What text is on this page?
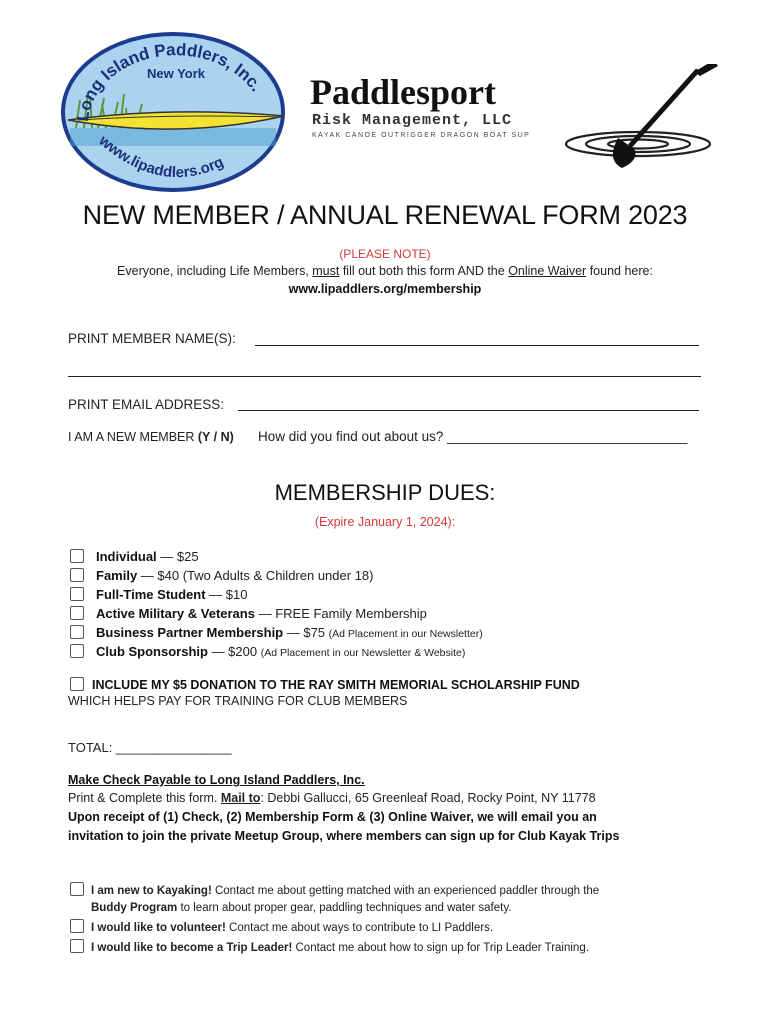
Long Island Paddlers, Inc.
New York
www.lipaddlers.org
Paddlesport
Risk Management, LLC
KAYAK CANOE OUTRIGGER DRAGON BOAT SUP
NEW MEMBER / ANNUAL RENEWAL FORM 2023
(PLEASE NOTE)
Everyone, including Life Members, must fill out both this form AND the Online Waiver found here:
www.lipaddlers.org/membership
PRINT MEMBER NAME(S):
PRINT EMAIL ADDRESS:
I AM A NEW MEMBER (Y / N) How did you find out about us? ________________________________
MEMBERSHIP DUES:
(Expire January 1, 2024):
Individual — $25
Family — $40 (Two Adults & Children under 18)
Full-Time Student — $10
Active Military & Veterans — FREE Family Membership
Business Partner Membership — $75 (Ad Placement in our Newsletter)
Club Sponsorship — $200 (Ad Placement in our Newsletter & Website)
INCLUDE MY $5 DONATION TO THE RAY SMITH MEMORIAL SCHOLARSHIP FUND
WHICH HELPS PAY FOR TRAINING FOR CLUB MEMBERS
TOTAL: ________________
Make Check Payable to Long Island Paddlers, Inc.
Print & Complete this form. Mail to: Debbi Gallucci, 65 Greenleaf Road, Rocky Point, NY 11778
Upon receipt of (1) Check, (2) Membership Form & (3) Online Waiver, we will email you an
invitation to join the private Meetup Group, where members can sign up for Club Kayak Trips
I am new to Kayaking! Contact me about getting matched with an experienced paddler through the
Buddy Program to learn about proper gear, paddling techniques and water safety.
I would like to volunteer! Contact me about ways to contribute to LI Paddlers.
I would like to become a Trip Leader! Contact me about how to sign up for Trip Leader Training.
